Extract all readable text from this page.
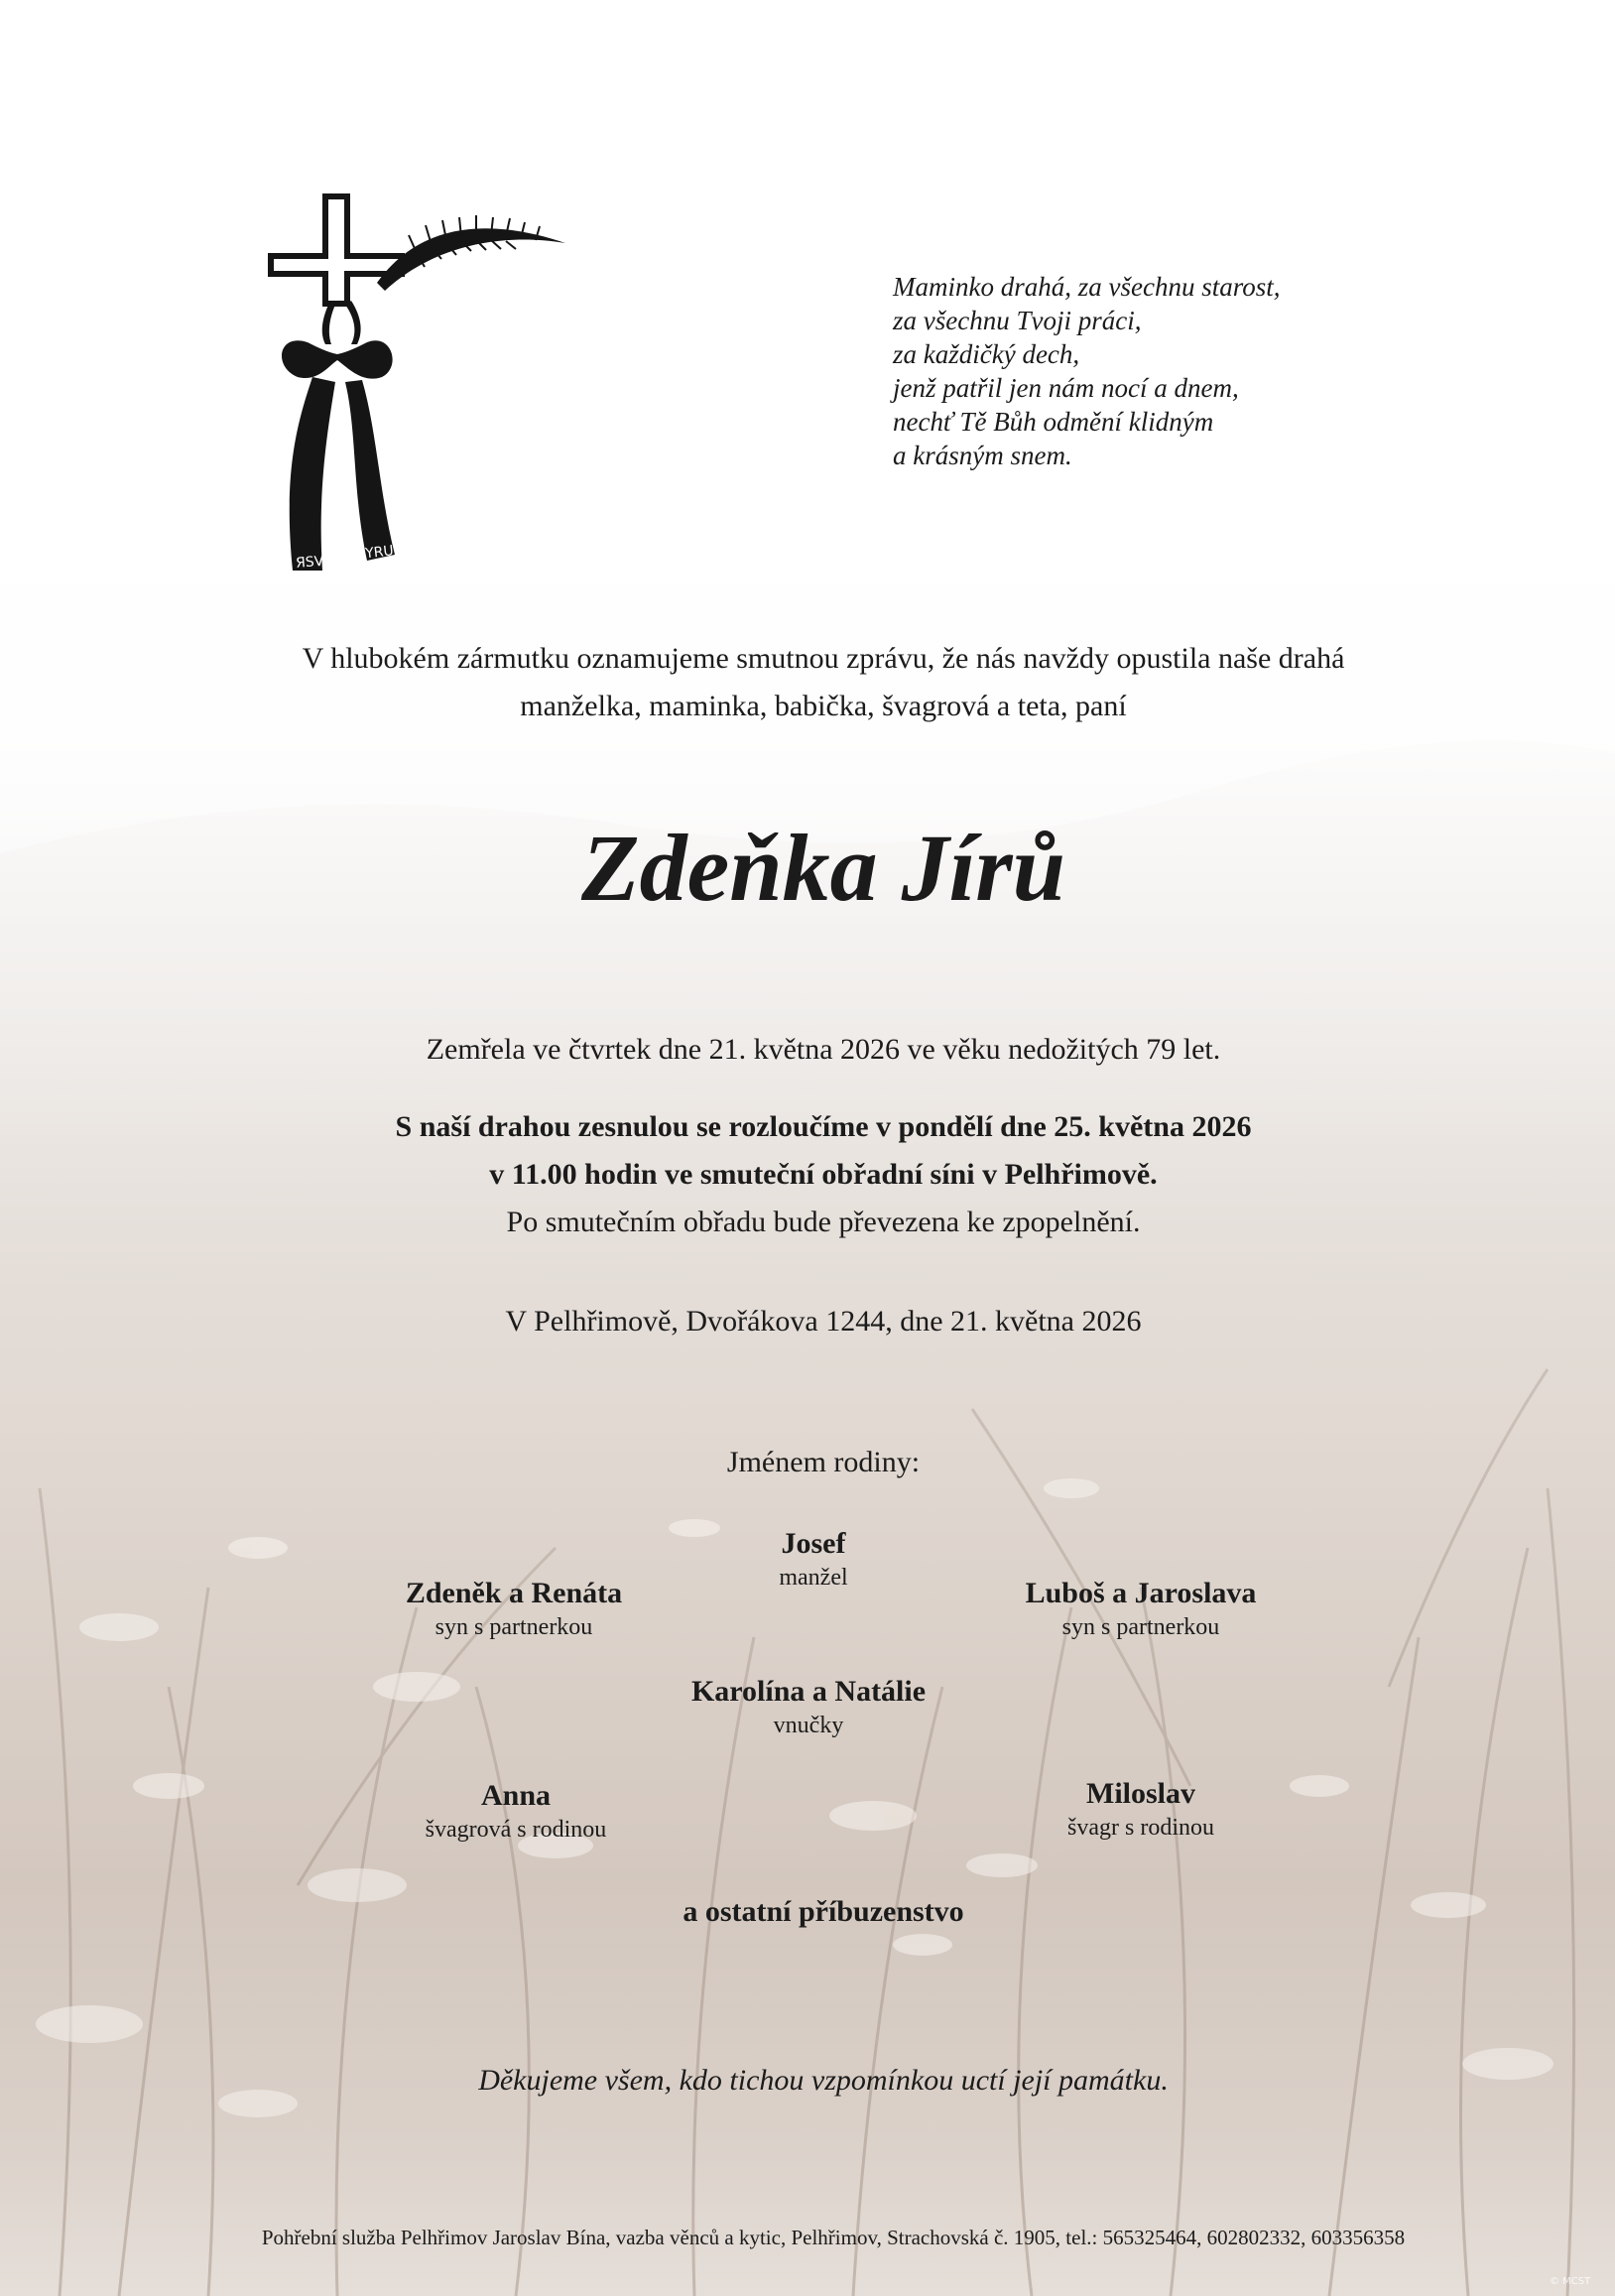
ЯSV
YRUJ
Maminko drahá, za všechnu starost,
za všechnu Tvoji práci,
za každičký dech,
jenž patřil jen nám nocí a dnem,
nechť Tě Bůh odmění klidným
a krásným snem.
V hlubokém zármutku oznamujeme smutnou zprávu, že nás navždy opustila naše drahá
manželka, maminka, babička, švagrová a teta, paní
Zdeňka Jírů
Zemřela ve čtvrtek dne 21. května 2026 ve věku nedožitých 79 let.
S naší drahou zesnulou se rozloučíme v pondělí dne 25. května 2026
v 11.00 hodin ve smuteční obřadní síni v Pelhřimově.
Po smutečním obřadu bude převezena ke zpopelnění.
V Pelhřimově, Dvořákova 1244, dne 21. května 2026
Jménem rodiny:
Josef
manžel
Zdeněk a Renáta
syn s partnerkou
Luboš a Jaroslava
syn s partnerkou
Karolína a Natálie
vnučky
Anna
švagrová s rodinou
Miloslav
švagr s rodinou
a ostatní příbuzenstvo
Děkujeme všem, kdo tichou vzpomínkou uctí její památku.
Pohřební služba Pelhřimov Jaroslav Bína, vazba věnců a kytic, Pelhřimov, Strachovská č. 1905, tel.: 565325464, 602802332, 603356358
© MCST
